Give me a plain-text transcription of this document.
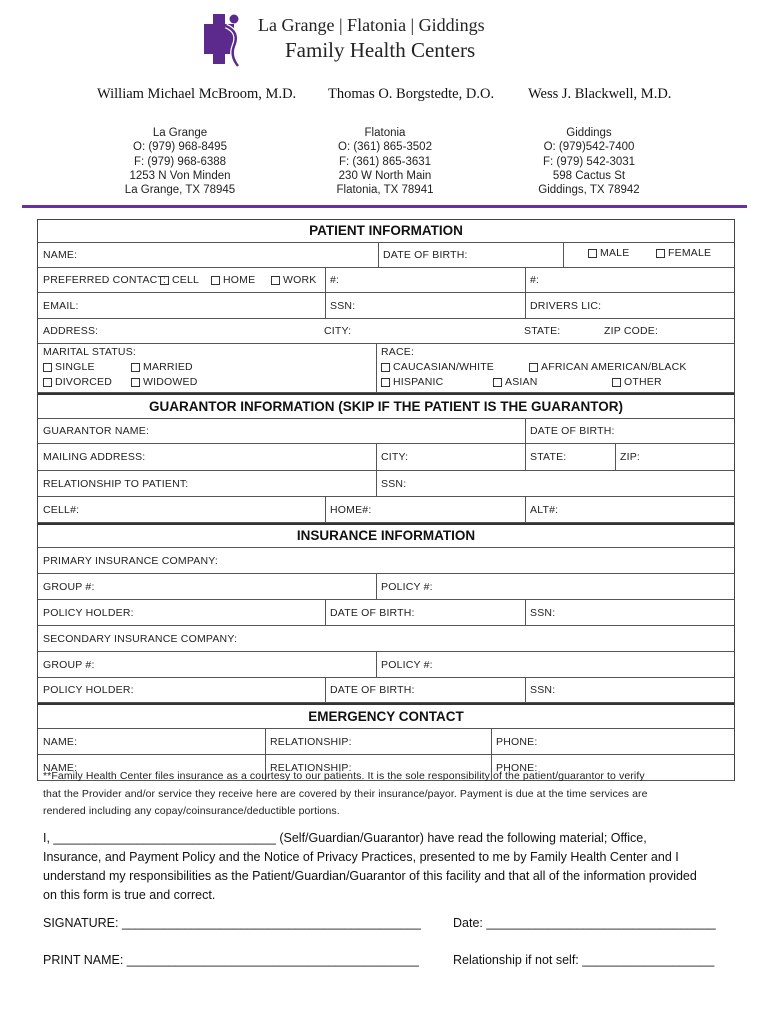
La Grange | Flatonia | Giddings
Family Health Centers
William Michael McBroom, M.D. Thomas O. Borgstedte, D.O. Wess J. Blackwell, M.D.
La Grange
O: (979) 968-8495
F: (979) 968-6388
1253 N Von Minden
La Grange, TX 78945
Flatonia
O: (361) 865-3502
F: (361) 865-3631
230 W North Main
Flatonia, TX 78941
Giddings
O: (979)542-7400
F: (979) 542-3031
598 Cactus St
Giddings, TX 78942
PATIENT INFORMATION
NAME:	DATE OF BIRTH:	MALE	FEMALE
PREFERRED CONTACT: CELL	HOME	WORK #:	#:
EMAIL:	SSN:	DRIVERS LIC:
ADDRESS:	CITY:	STATE:	ZIP CODE:
MARITAL STATUS:
SINGLE	MARRIED
DIVORCED	WIDOWED
RACE:
CAUCASIAN/WHITE	AFRICAN AMERICAN/BLACK
HISPANIC	ASIAN	OTHER
GUARANTOR INFORMATION (SKIP IF THE PATIENT IS THE GUARANTOR)
GUARANTOR NAME:	DATE OF BIRTH:
MAILING ADDRESS:	CITY:	STATE:	ZIP:
RELATIONSHIP TO PATIENT:	SSN:
CELL#:	HOME#:	ALT#:
INSURANCE INFORMATION
PRIMARY INSURANCE COMPANY:
GROUP #:	POLICY #:
POLICY HOLDER:	DATE OF BIRTH:	SSN:
SECONDARY INSURANCE COMPANY:
GROUP #:	POLICY #:
POLICY HOLDER:	DATE OF BIRTH:	SSN:
EMERGENCY CONTACT
NAME:	RELATIONSHIP:	PHONE:
NAME:	RELATIONSHIP:	PHONE:
**Family Health Center files insurance as a courtesy to our patients. It is the sole responsibility of the patient/guarantor to verify
that the Provider and/or service they receive here are covered by their insurance/payor. Payment is due at the time services are
rendered including any copay/coinsurance/deductible portions.
I, ________________________________ (Self/Guardian/Guarantor) have read the following material; Office,
Insurance, and Payment Policy and the Notice of Privacy Practices, presented to me by Family Health Center and I
understand my responsibilities as the Patient/Guardian/Guarantor of this facility and that all of the information provided
on this form is true and correct.
SIGNATURE: ___________________________________________	Date: _________________________________
PRINT NAME: __________________________________________	Relationship if not self: ___________________
